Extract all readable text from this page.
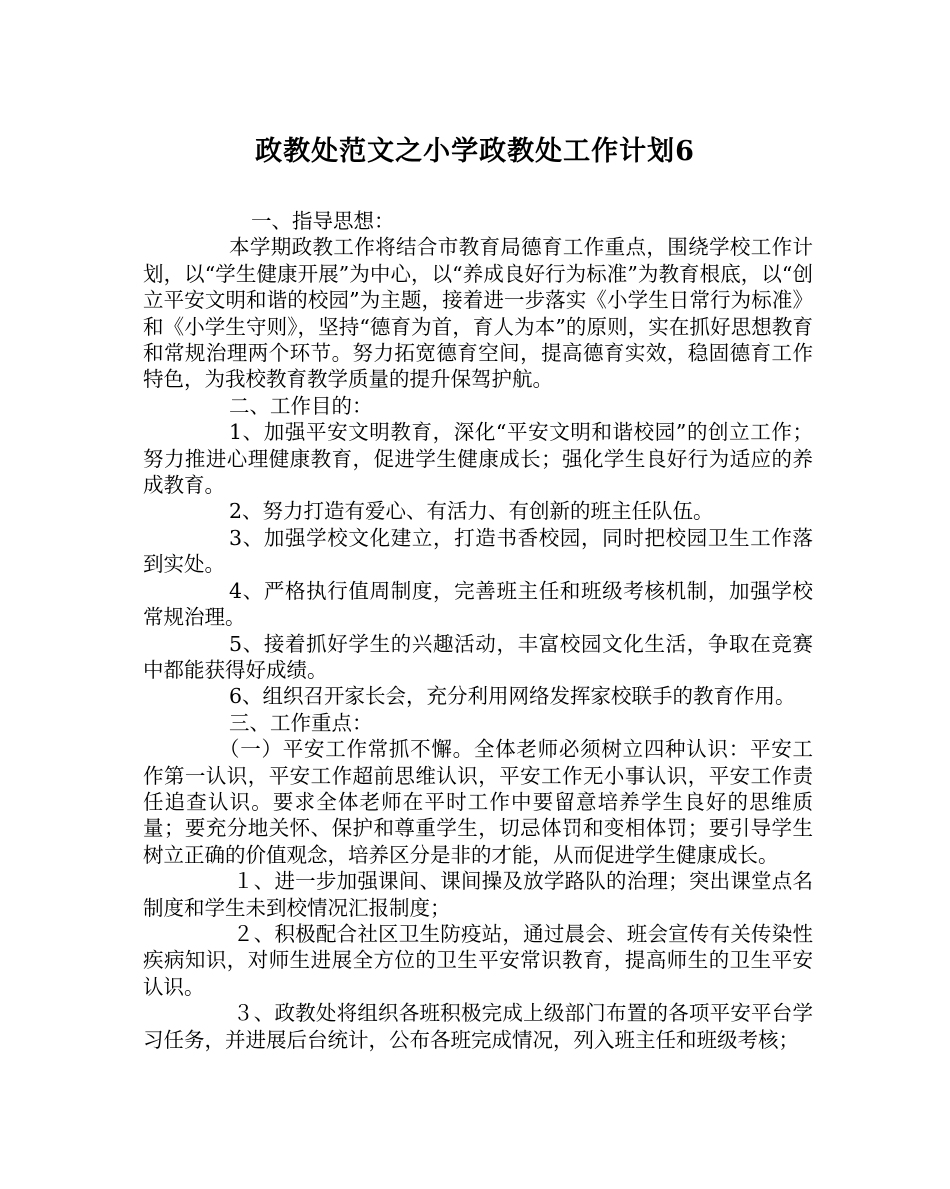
政教处范文之小学政教处工作计划6

一、指导思想：

本学期政教工作将结合市教育局德育工作重点，围绕学校工作计划，以“学生健康开展”为中心，以“养成良好行为标准”为教育根底，以“创立平安文明和谐的校园”为主题，接着进一步落实《小学生日常行为标准》和《小学生守则》，坚持“德育为首，育人为本”的原则，实在抓好思想教育和常规治理两个环节。努力拓宽德育空间，提高德育实效，稳固德育工作特色，为我校教育教学质量的提升保驾护航。

二、工作目的：

1、加强平安文明教育，深化“平安文明和谐校园”的创立工作；努力推进心理健康教育，促进学生健康成长；强化学生良好行为适应的养成教育。

2、努力打造有爱心、有活力、有创新的班主任队伍。

3、加强学校文化建立，打造书香校园，同时把校园卫生工作落到实处。

4、严格执行值周制度，完善班主任和班级考核机制，加强学校常规治理。

5、接着抓好学生的兴趣活动，丰富校园文化生活，争取在竞赛中都能获得好成绩。

6、组织召开家长会，充分利用网络发挥家校联手的教育作用。

三、工作重点：

（一）平安工作常抓不懈。全体老师必须树立四种认识：平安工作第一认识，平安工作超前思维认识，平安工作无小事认识，平安工作责任追查认识。要求全体老师在平时工作中要留意培养学生良好的思维质量；要充分地关怀、保护和尊重学生，切忌体罚和变相体罚；要引导学生树立正确的价值观念，培养区分是非的才能，从而促进学生健康成长。

１、进一步加强课间、课间操及放学路队的治理；突出课堂点名制度和学生未到校情况汇报制度；

２、积极配合社区卫生防疫站，通过晨会、班会宣传有关传染性疾病知识，对师生进展全方位的卫生平安常识教育，提高师生的卫生平安认识。

３、政教处将组织各班积极完成上级部门布置的各项平安平台学习任务，并进展后台统计，公布各班完成情况，列入班主任和班级考核；
